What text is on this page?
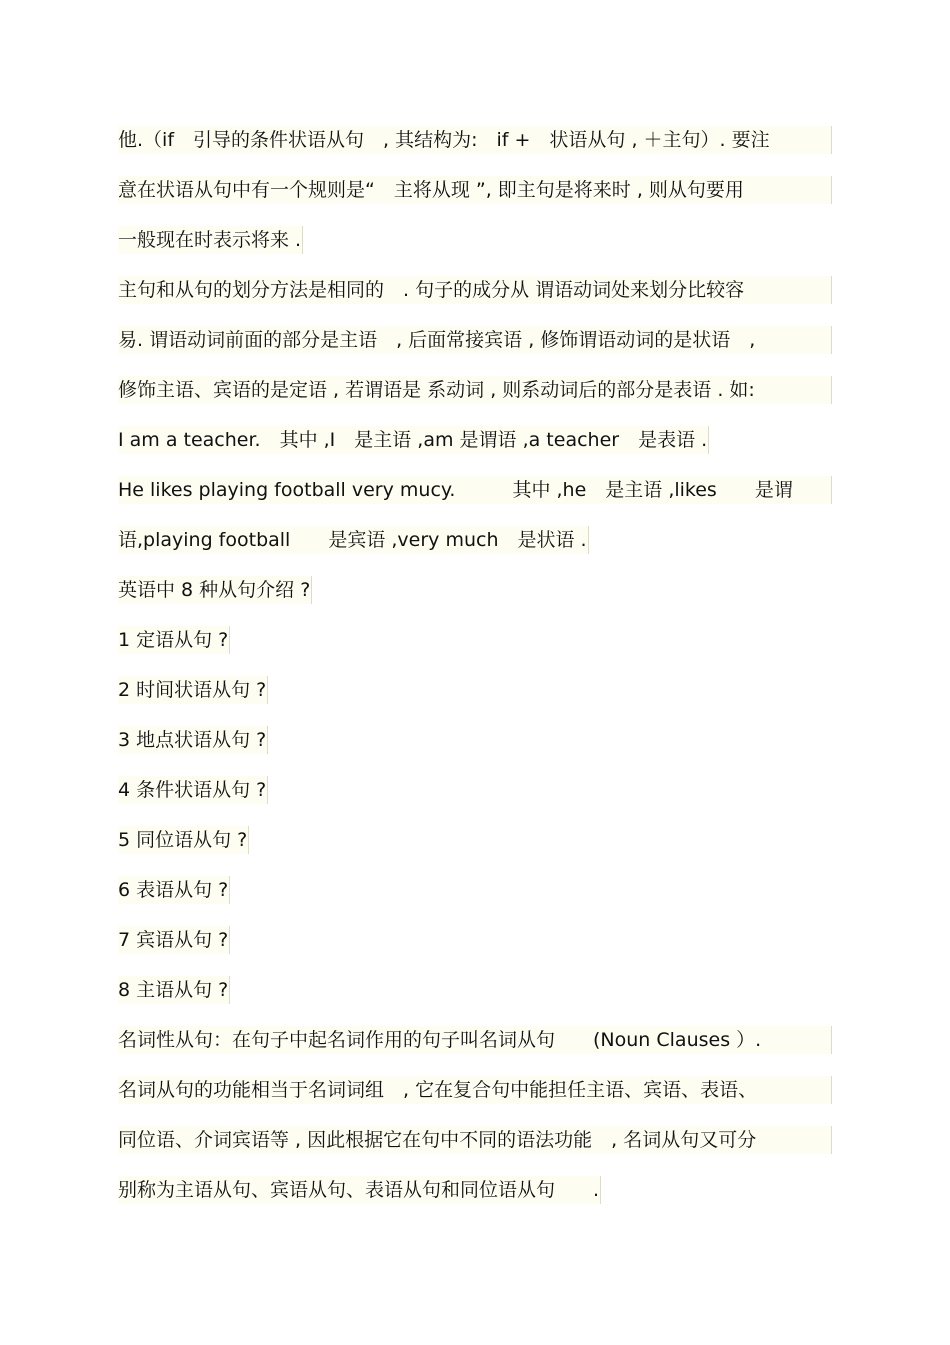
他.（if　引导的条件状语从句　, 其结构为:　if +　状语从句 , ＋主句）. 要注
意在状语从句中有一个规则是“　主将从现 ”, 即主句是将来时 , 则从句要用
一般现在时表示将来 .
主句和从句的划分方法是相同的　. 句子的成分从 谓语动词处来划分比较容
易. 谓语动词前面的部分是主语　, 后面常接宾语 , 修饰谓语动词的是状语　,
修饰主语、宾语的是定语 , 若谓语是 系动词 , 则系动词后的部分是表语 . 如:
I am a teacher.　其中 ,I　是主语 ,am 是谓语 ,a teacher　是表语 .
He likes playing football very mucy.　　　其中 ,he　是主语 ,likes　　是谓
语,playing football　　是宾语 ,very much　是状语 .
英语中 8 种从句介绍 ?
1 定语从句 ?
2 时间状语从句 ?
3 地点状语从句 ?
4 条件状语从句 ?
5 同位语从句 ?
6 表语从句 ?
7 宾语从句 ?
8 主语从句 ?
名词性从句：在句子中起名词作用的句子叫名词从句　　(Noun Clauses ）.
名词从句的功能相当于名词词组　, 它在复合句中能担任主语、宾语、表语、
同位语、介词宾语等 , 因此根据它在句中不同的语法功能　, 名词从句又可分
别称为主语从句、宾语从句、表语从句和同位语从句　　.
